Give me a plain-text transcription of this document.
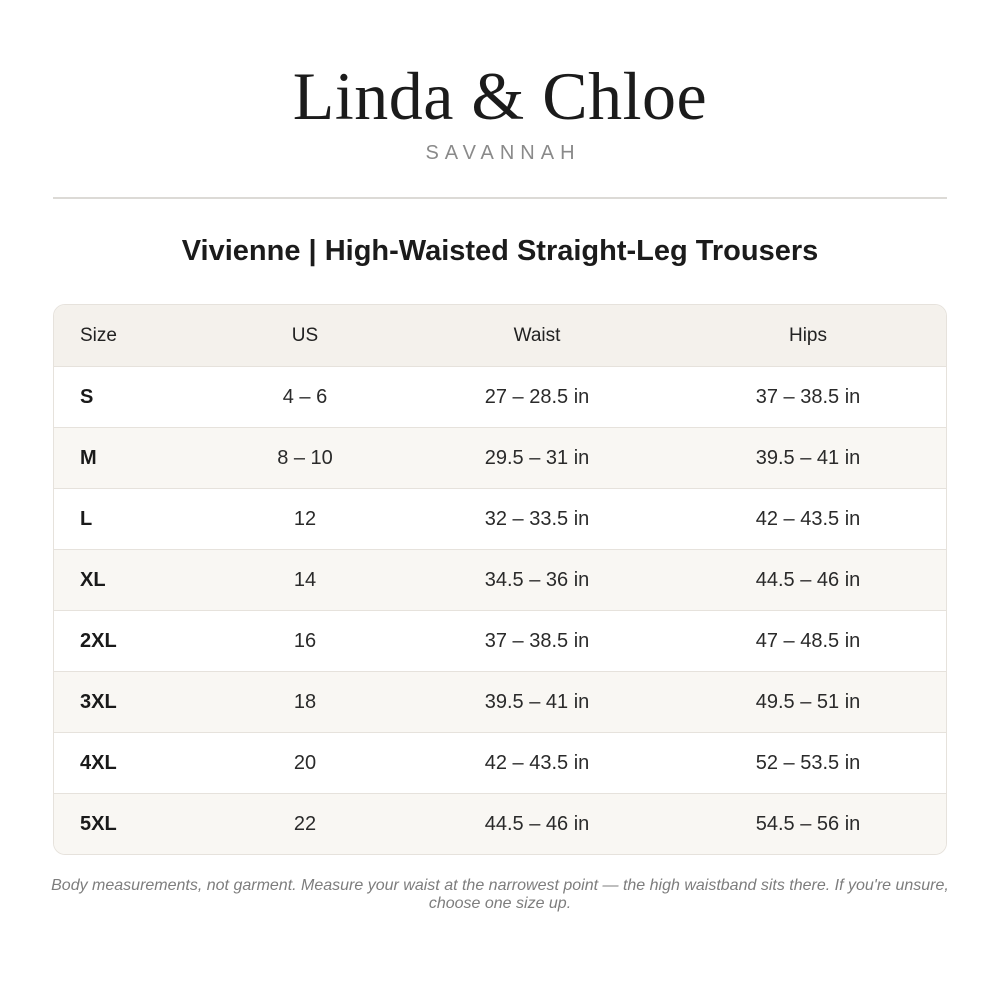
Linda & Chloe
SAVANNAH
Vivienne | High-Waisted Straight-Leg Trousers
Size	US	Waist	Hips
S	4 – 6	27 – 28.5 in	37 – 38.5 in
M	8 – 10	29.5 – 31 in	39.5 – 41 in
L	12	32 – 33.5 in	42 – 43.5 in
XL	14	34.5 – 36 in	44.5 – 46 in
2XL	16	37 – 38.5 in	47 – 48.5 in
3XL	18	39.5 – 41 in	49.5 – 51 in
4XL	20	42 – 43.5 in	52 – 53.5 in
5XL	22	44.5 – 46 in	54.5 – 56 in

Body measurements, not garment. Measure your waist at the narrowest point — the high waistband sits there. If you're unsure, choose one size up.
